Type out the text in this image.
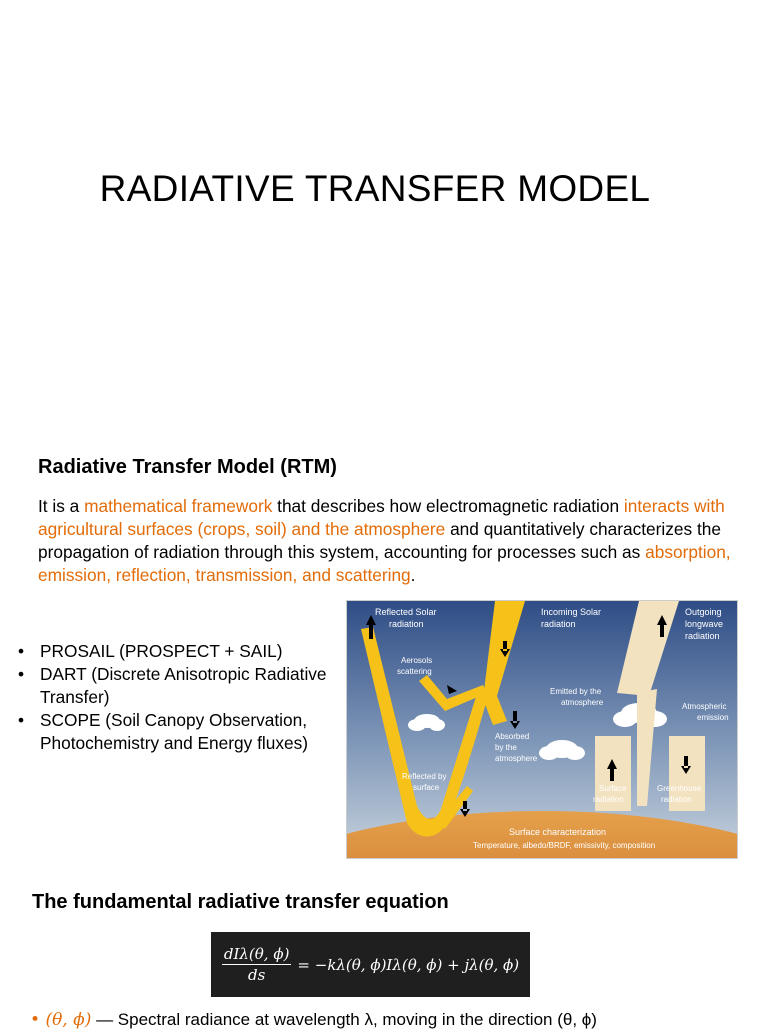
RADIATIVE TRANSFER MODEL
Radiative Transfer Model (RTM)
It is a mathematical framework that describes how electromagnetic radiation interacts with agricultural surfaces (crops, soil) and the atmosphere and quantitatively characterizes the propagation of radiation through this system, accounting for processes such as absorption, emission, reflection, transmission, and scattering.
• PROSAIL (PROSPECT + SAIL)
• DART (Discrete Anisotropic Radiative Transfer)
• SCOPE (Soil Canopy Observation, Photochemistry and Energy fluxes)
Reflected Solar radiation
Incoming Solar radiation
Outgoing longwave radiation
Aerosols scattering
Emitted by the atmosphere	Atmospheric emission
Absorbed by the atmosphere
Reflected by surface	Surface radiation
Greenhouse radiation
Surface characterization
Temperature, albedo/BRDF, emissivity, composition
The fundamental radiative transfer equation
$\frac{\text{dIλ(θ, ϕ)}}{ds} = -k\lambda(\theta$, ϕ)Iλ(θ, ϕ) + jλ(θ, ϕ)
• (θ, ϕ) — Spectral radiance at wavelength λ, moving in the direction (θ, ϕ)
